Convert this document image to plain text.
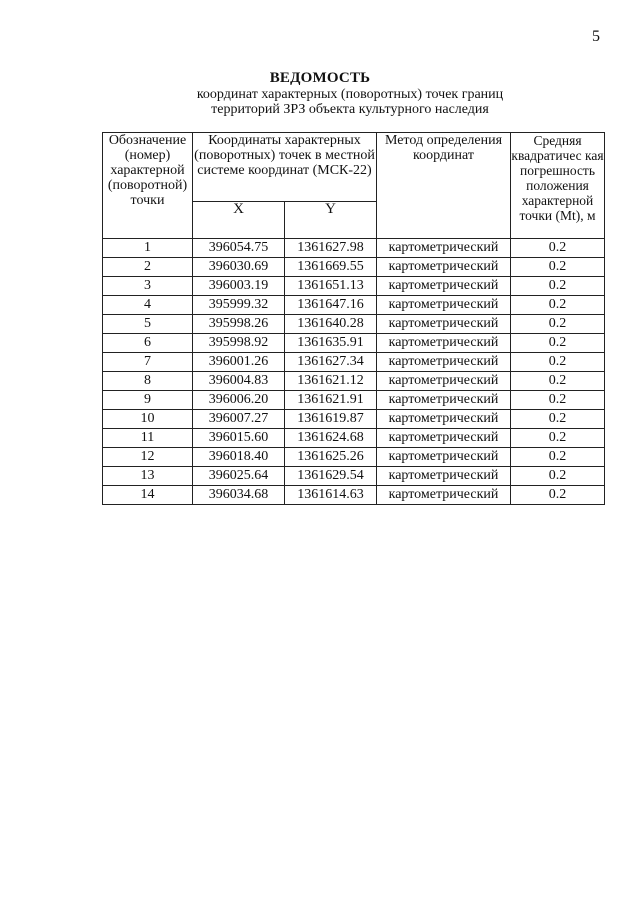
5
ВЕДОМОСТЬ
координат характерных (поворотных) точек границ
территорий ЗРЗ объекта культурного наследия
Обозначение (номер) характерной (поворотной) точки	Координаты характерных (поворотных) точек в местной системе координат (МСК-22)		Метод определения координат	Средняя квадратичес кая погрешность положения характерной точки (Mt), м
	X	Y		
1	396054.75	1361627.98	картометрический	0.2
2	396030.69	1361669.55	картометрический	0.2
3	396003.19	1361651.13	картометрический	0.2
4	395999.32	1361647.16	картометрический	0.2
5	395998.26	1361640.28	картометрический	0.2
6	395998.92	1361635.91	картометрический	0.2
7	396001.26	1361627.34	картометрический	0.2
8	396004.83	1361621.12	картометрический	0.2
9	396006.20	1361621.91	картометрический	0.2
10	396007.27	1361619.87	картометрический	0.2
11	396015.60	1361624.68	картометрический	0.2
12	396018.40	1361625.26	картометрический	0.2
13	396025.64	1361629.54	картометрический	0.2
14	396034.68	1361614.63	картометрический	0.2
